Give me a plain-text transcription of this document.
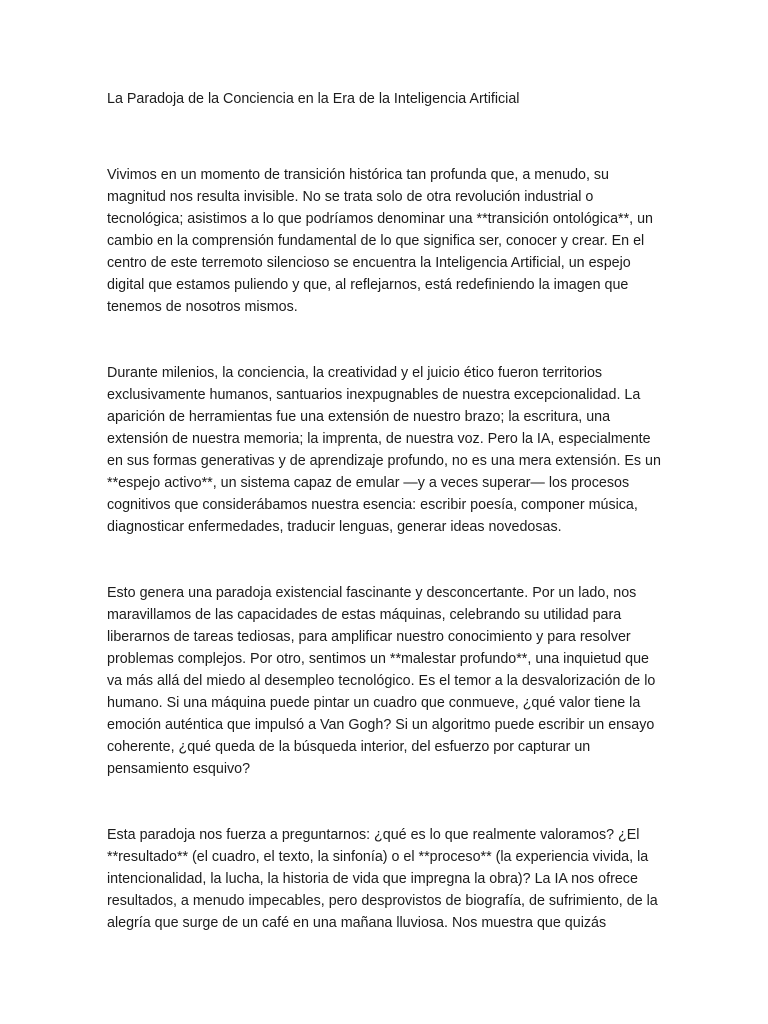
La Paradoja de la Conciencia en la Era de la Inteligencia Artificial

Vivimos en un momento de transición histórica tan profunda que, a menudo, su magnitud nos resulta invisible. No se trata solo de otra revolución industrial o tecnológica; asistimos a lo que podríamos denominar una **transición ontológica**, un cambio en la comprensión fundamental de lo que significa ser, conocer y crear. En el centro de este terremoto silencioso se encuentra la Inteligencia Artificial, un espejo digital que estamos puliendo y que, al reflejarnos, está redefiniendo la imagen que tenemos de nosotros mismos.

Durante milenios, la conciencia, la creatividad y el juicio ético fueron territorios exclusivamente humanos, santuarios inexpugnables de nuestra excepcionalidad. La aparición de herramientas fue una extensión de nuestro brazo; la escritura, una extensión de nuestra memoria; la imprenta, de nuestra voz. Pero la IA, especialmente en sus formas generativas y de aprendizaje profundo, no es una mera extensión. Es un **espejo activo**, un sistema capaz de emular —y a veces superar— los procesos cognitivos que considerábamos nuestra esencia: escribir poesía, componer música, diagnosticar enfermedades, traducir lenguas, generar ideas novedosas.

Esto genera una paradoja existencial fascinante y desconcertante. Por un lado, nos maravillamos de las capacidades de estas máquinas, celebrando su utilidad para liberarnos de tareas tediosas, para amplificar nuestro conocimiento y para resolver problemas complejos. Por otro, sentimos un **malestar profundo**, una inquietud que va más allá del miedo al desempleo tecnológico. Es el temor a la desvalorización de lo humano. Si una máquina puede pintar un cuadro que conmueve, ¿qué valor tiene la emoción auténtica que impulsó a Van Gogh? Si un algoritmo puede escribir un ensayo coherente, ¿qué queda de la búsqueda interior, del esfuerzo por capturar un pensamiento esquivo?

Esta paradoja nos fuerza a preguntarnos: ¿qué es lo que realmente valoramos? ¿El **resultado** (el cuadro, el texto, la sinfonía) o el **proceso** (la experiencia vivida, la intencionalidad, la lucha, la historia de vida que impregna la obra)? La IA nos ofrece resultados, a menudo impecables, pero desprovistos de biografía, de sufrimiento, de la alegría que surge de un café en una mañana lluviosa. Nos muestra que quizás
